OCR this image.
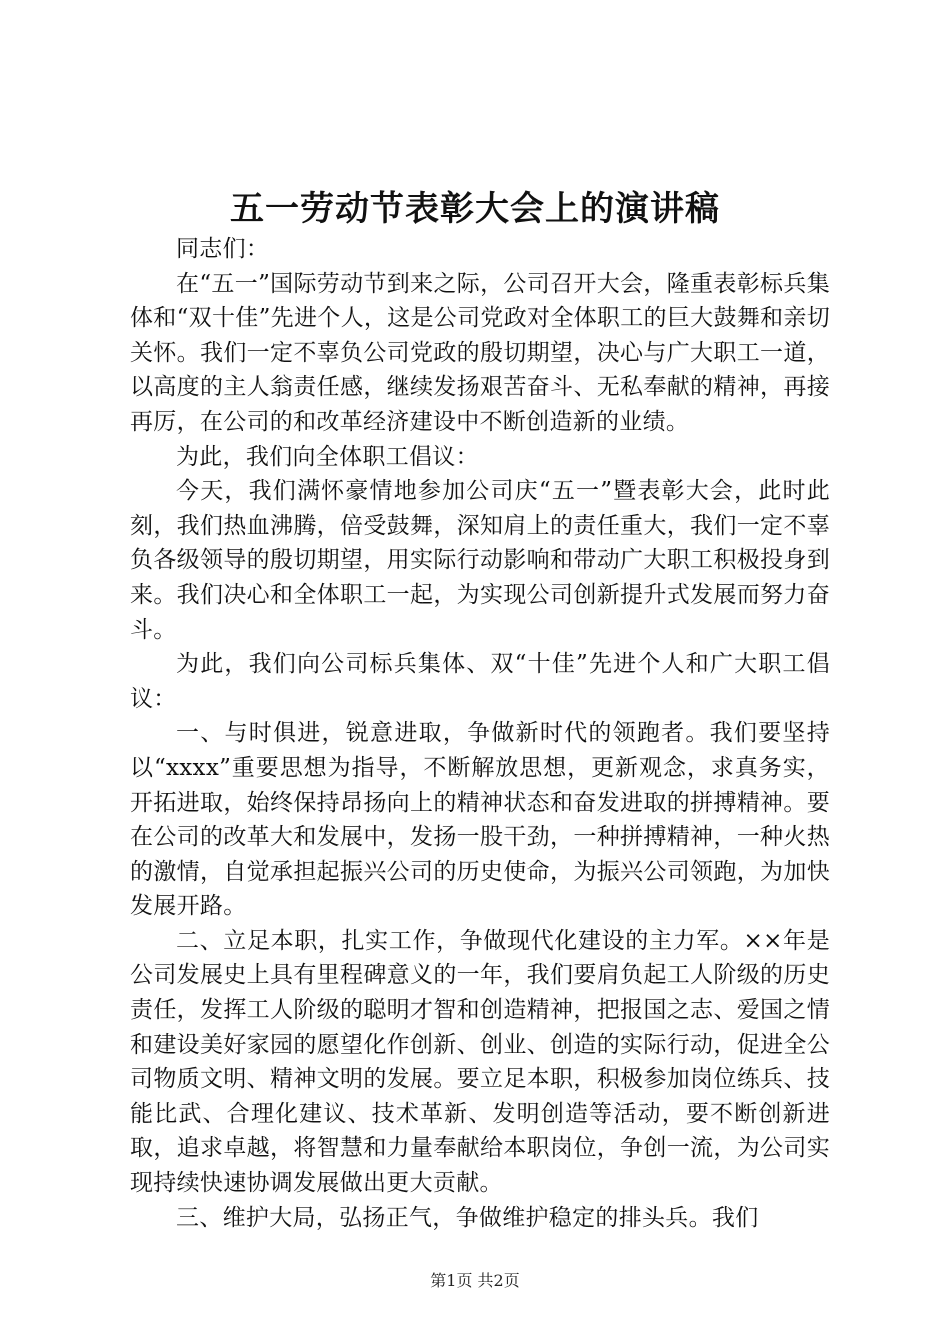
五一劳动节表彰大会上的演讲稿

同志们：

在“五一”国际劳动节到来之际，公司召开大会，隆重表彰标兵集体和“双十佳”先进个人，这是公司党政对全体职工的巨大鼓舞和亲切关怀。我们一定不辜负公司党政的殷切期望，决心与广大职工一道，以高度的主人翁责任感，继续发扬艰苦奋斗、无私奉献的精神，再接再厉，在公司的和改革经济建设中不断创造新的业绩。

为此，我们向全体职工倡议：

今天，我们满怀豪情地参加公司庆“五一”暨表彰大会，此时此刻，我们热血沸腾，倍受鼓舞，深知肩上的责任重大，我们一定不辜负各级领导的殷切期望，用实际行动影响和带动广大职工积极投身到来。我们决心和全体职工一起，为实现公司创新提升式发展而努力奋斗。

为此，我们向公司标兵集体、双“十佳”先进个人和广大职工倡议：

一、与时俱进，锐意进取，争做新时代的领跑者。我们要坚持以“xxxx”重要思想为指导，不断解放思想，更新观念，求真务实，开拓进取，始终保持昂扬向上的精神状态和奋发进取的拼搏精神。要在公司的改革大和发展中，发扬一股干劲，一种拼搏精神，一种火热的激情，自觉承担起振兴公司的历史使命，为振兴公司领跑，为加快发展开路。

二、立足本职，扎实工作，争做现代化建设的主力军。××年是公司发展史上具有里程碑意义的一年，我们要肩负起工人阶级的历史责任，发挥工人阶级的聪明才智和创造精神，把报国之志、爱国之情和建设美好家园的愿望化作创新、创业、创造的实际行动，促进全公司物质文明、精神文明的发展。要立足本职，积极参加岗位练兵、技能比武、合理化建议、技术革新、发明创造等活动，要不断创新进取，追求卓越，将智慧和力量奉献给本职岗位，争创一流，为公司实现持续快速协调发展做出更大贡献。

三、维护大局，弘扬正气，争做维护稳定的排头兵。我们

第1页 共2页
